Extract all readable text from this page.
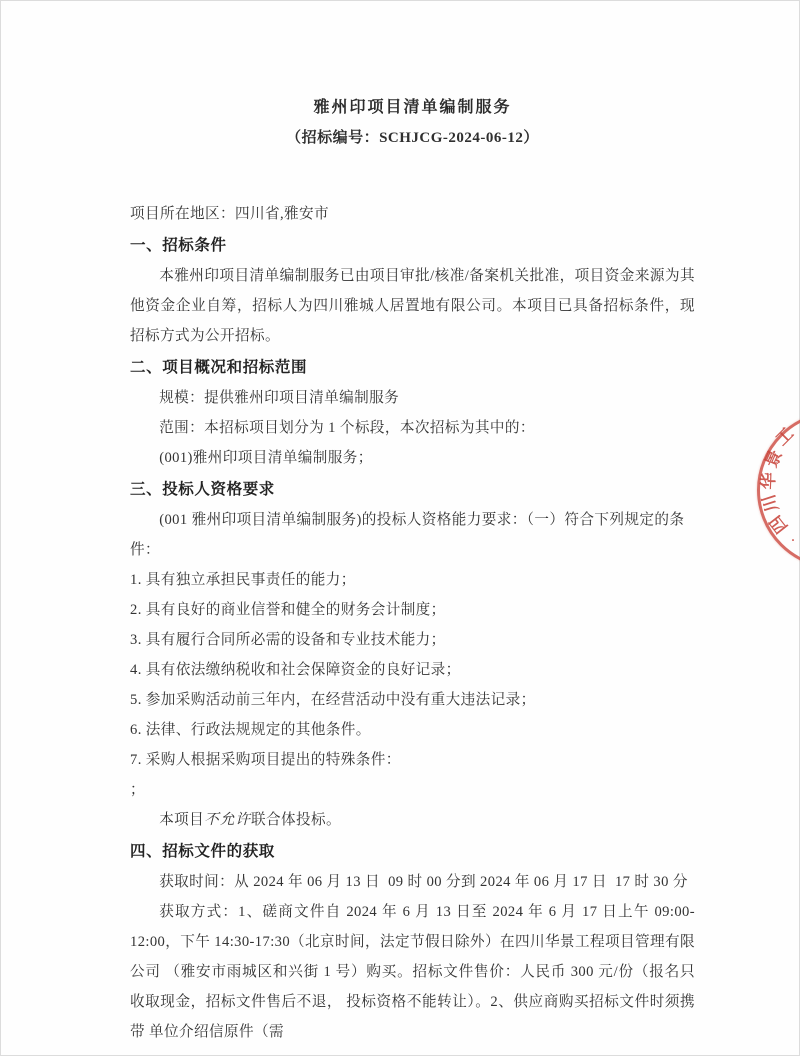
雅州印项目清单编制服务
（招标编号：SCHJCG-2024-06-12）
项目所在地区：四川省,雅安市
一、招标条件

本雅州印项目清单编制服务已由项目审批/核准/备案机关批准，项目资金来源为其他资金企业自筹，招标人为四川雅城人居置地有限公司。本项目已具备招标条件，现招标方式为公开招标。

二、项目概况和招标范围
规模：提供雅州印项目清单编制服务
范围：本招标项目划分为 1 个标段，本次招标为其中的：
(001)雅州印项目清单编制服务；
三、投标人资格要求
(001 雅州印项目清单编制服务)的投标人资格能力要求：（一）符合下列规定的条件：
1. 具有独立承担民事责任的能力；
2. 具有良好的商业信誉和健全的财务会计制度；
3. 具有履行合同所必需的设备和专业技术能力；
4. 具有依法缴纳税收和社会保障资金的良好记录；
5. 参加采购活动前三年内，在经营活动中没有重大违法记录；
6. 法律、行政法规规定的其他条件。
7. 采购人根据采购项目提出的特殊条件：
；
本项目不允许联合体投标。
四、招标文件的获取
获取时间：从 2024 年 06 月 13 日  09 时 00 分到 2024 年 06 月 17 日  17 时 30 分

获取方式：1、磋商文件自 2024 年 6 月 13 日至 2024 年 6 月 17 日上午 09:00-12:00，下午 14:30-17:30（北京时间，法定节假日除外）在四川华景工程项目管理有限公司 （雅安市雨城区和兴街 1 号）购买。招标文件售价：人民币 300 元/份（报名只收取现金，招标文件售后不退， 投标资格不能转让）。2、供应商购买招标文件时须携带 单位介绍信原件（需

工
景
华
川
四
·
